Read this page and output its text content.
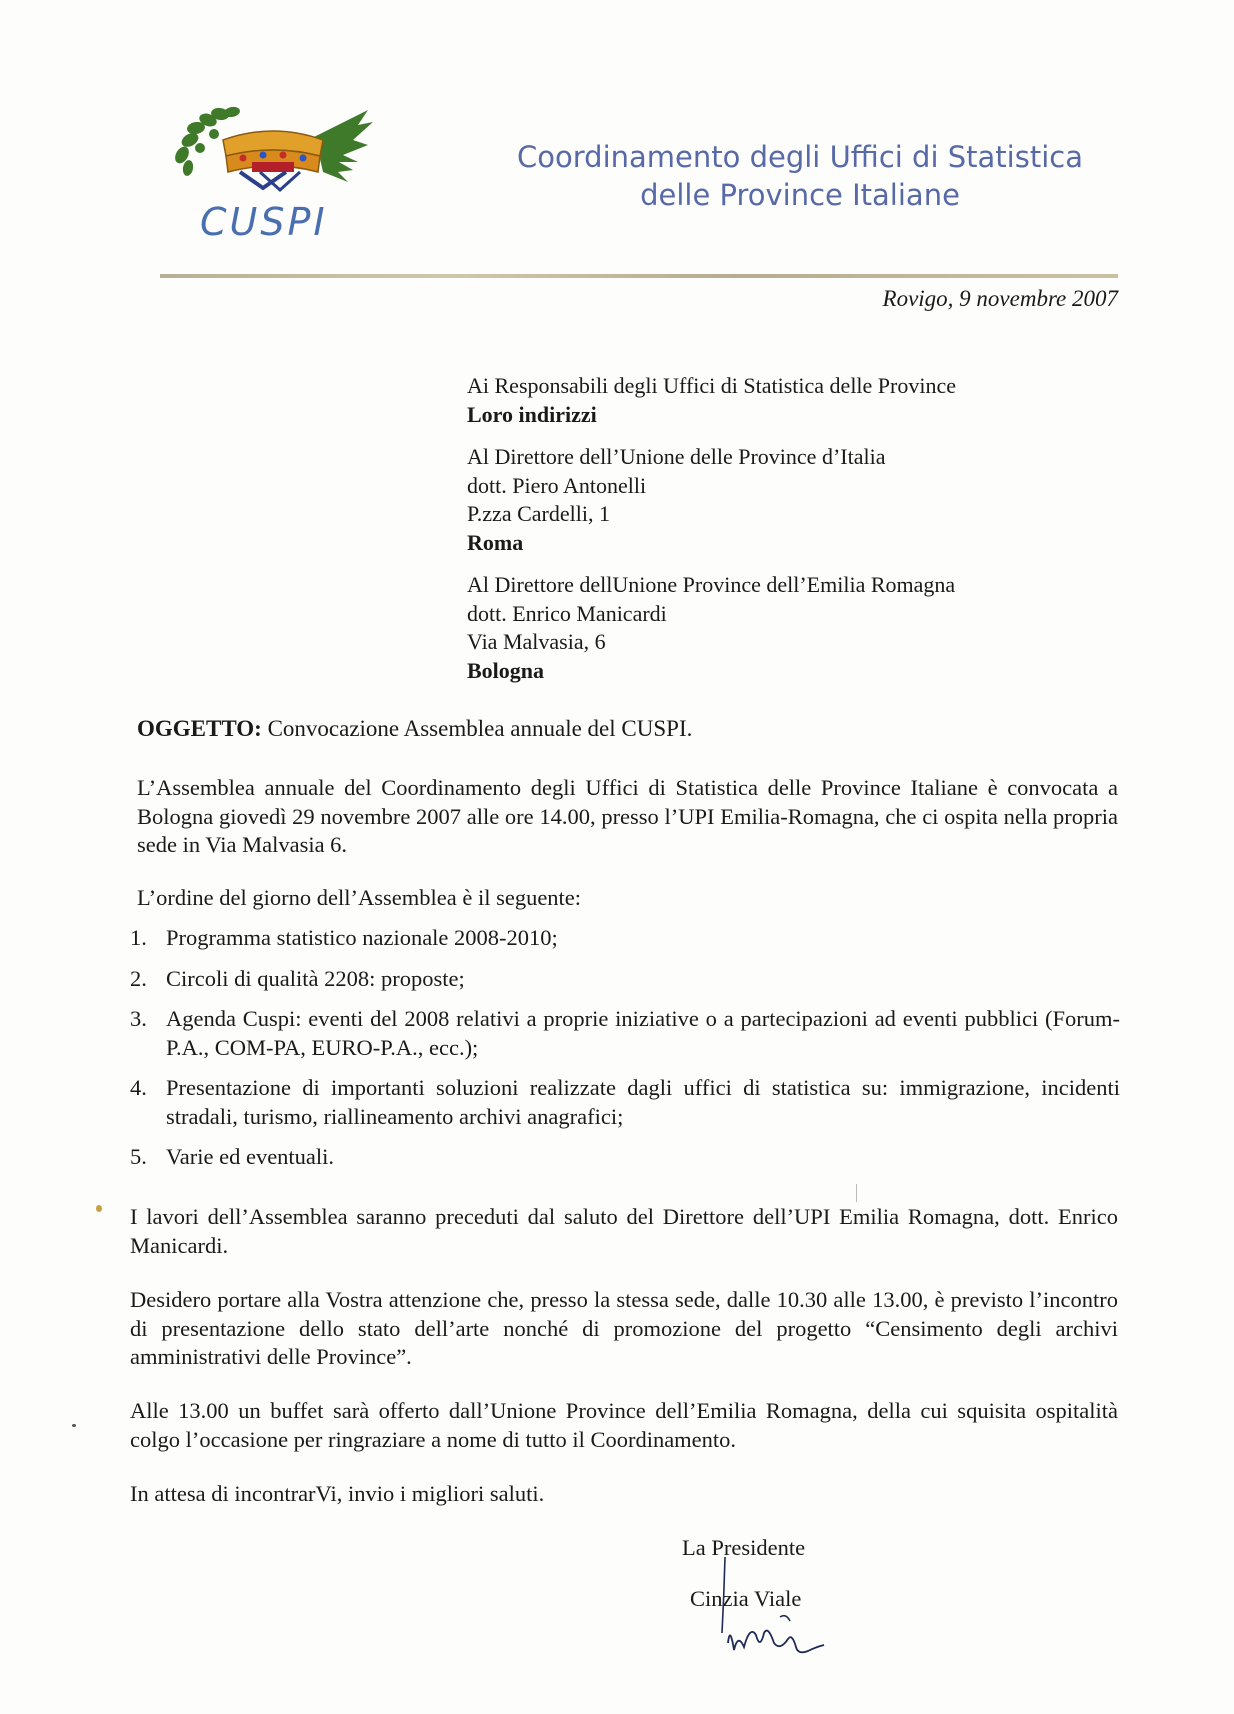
CUSPI
Coordinamento degli Uffici di Statistica
delle Province Italiane
Rovigo, 9 novembre 2007
Ai Responsabili degli Uffici di Statistica delle Province
Loro indirizzi
Al Direttore dell’Unione delle Province d’Italia
dott. Piero Antonelli
P.zza Cardelli, 1
Roma
Al Direttore dellUnione Province dell’Emilia Romagna
dott. Enrico Manicardi
Via Malvasia, 6
Bologna
OGGETTO: Convocazione Assemblea annuale del CUSPI.
L’Assemblea annuale del Coordinamento degli Uffici di Statistica delle Province Italiane è convocata a Bologna giovedì 29 novembre 2007 alle ore 14.00, presso l’UPI Emilia-Romagna, che ci ospita nella propria sede in Via Malvasia 6.
L’ordine del giorno dell’Assemblea è il seguente:
1. Programma statistico nazionale 2008-2010;
2. Circoli di qualità 2208: proposte;
3. Agenda Cuspi: eventi del 2008 relativi a proprie iniziative o a partecipazioni ad eventi pubblici (Forum-P.A., COM-PA, EURO-P.A., ecc.);
4. Presentazione di importanti soluzioni realizzate dagli uffici di statistica su: immigrazione, incidenti stradali, turismo, riallineamento archivi anagrafici;
5. Varie ed eventuali.
I lavori dell’Assemblea saranno preceduti dal saluto del Direttore dell’UPI Emilia Romagna, dott. Enrico Manicardi.
Desidero portare alla Vostra attenzione che, presso la stessa sede, dalle 10.30 alle 13.00, è previsto l’incontro di presentazione dello stato dell’arte nonché di promozione del progetto “Censimento degli archivi amministrativi delle Province”.
Alle 13.00 un buffet sarà offerto dall’Unione Province dell’Emilia Romagna, della cui squisita ospitalità colgo l’occasione per ringraziare a nome di tutto il Coordinamento.
In attesa di incontrarVi, invio i migliori saluti.
La Presidente
Cinzia Viale
